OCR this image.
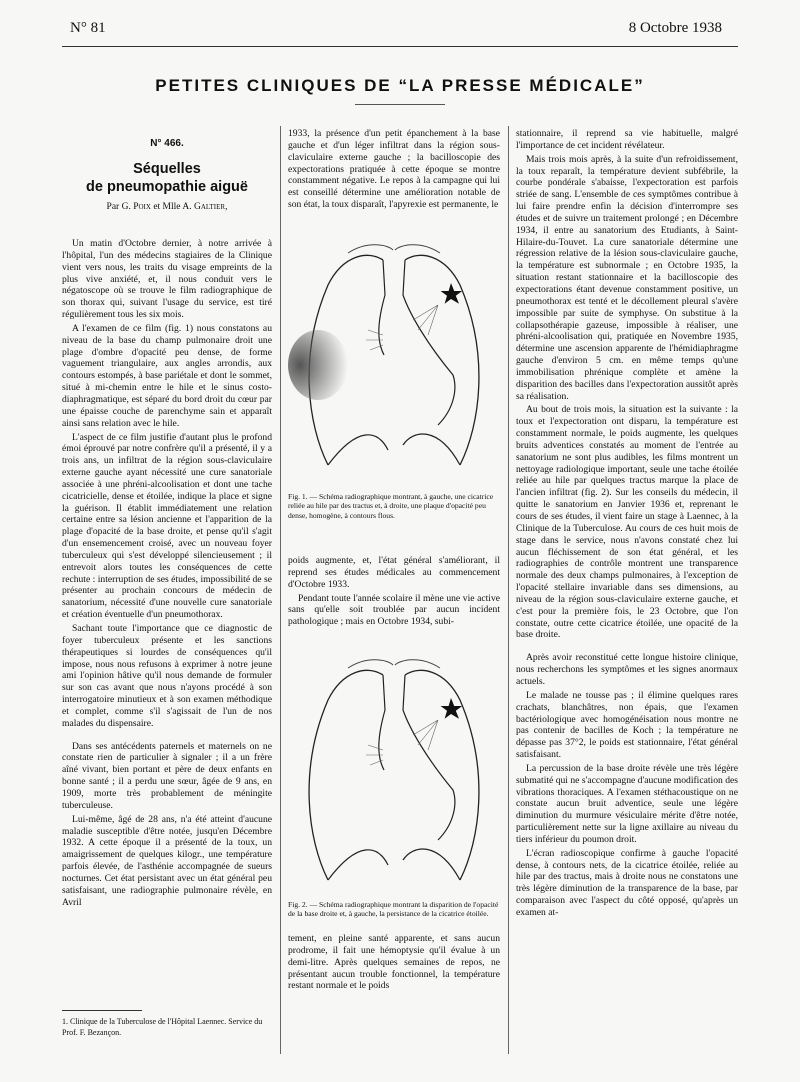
N° 81	8 Octobre 1938
PETITES CLINIQUES DE “LA PRESSE MÉDICALE”
N° 466.
Séquelles
de pneumopathie aiguë
Par G. Poix et Mlle A. Galtier,

Un matin d'Octobre dernier, à notre arrivée à l'hôpital, l'un des médecins stagiaires de la Clinique vient vers nous, les traits du visage empreints de la plus vive anxiété, et, il nous conduit vers le négatoscope où se trouve le film radiographique de son thorax qui, suivant l'usage du service, est tiré régulièrement tous les six mois.

A l'examen de ce film (fig. 1) nous constatons au niveau de la base du champ pulmonaire droit une plage d'ombre d'opacité peu dense, de forme vaguement triangulaire, aux angles arrondis, aux contours estompés, à base pariétale et dont le sommet, situé à mi-chemin entre le hile et le sinus costo-diaphragmatique, est séparé du bord droit du cœur par une épaisse couche de parenchyme sain et apparaît ainsi sans relation avec le hile.

L'aspect de ce film justifie d'autant plus le profond émoi éprouvé par notre confrère qu'il a présenté, il y a trois ans, un infiltrat de la région sous-claviculaire externe gauche ayant nécessité une cure sanatoriale associée à une phréni-alcoolisation et dont une tache cicatricielle, dense et étoilée, indique la place et signe la guérison. Il établit immédiatement une relation certaine entre sa lésion ancienne et l'apparition de la plage d'opacité de la base droite, et pense qu'il s'agit d'un ensemencement croisé, avec un nouveau foyer tuberculeux qui s'est développé silencieusement ; il entrevoit alors toutes les conséquences de cette rechute : interruption de ses études, impossibilité de se présenter au prochain concours de médecin de sanatorium, nécessité d'une nouvelle cure sanatoriale et création éventuelle d'un pneumothorax.

Sachant toute l'importance que ce diagnostic de foyer tuberculeux présente et les sanctions thérapeutiques si lourdes de conséquences qu'il impose, nous nous refusons à exprimer à notre jeune ami l'opinion hâtive qu'il nous demande de formuler sur son cas avant que nous n'ayons procédé à son interrogatoire minutieux et à son examen méthodique et complet, comme s'il s'agissait de l'un de nos malades du dispensaire.

Dans ses antécédents paternels et maternels on ne constate rien de particulier à signaler ; il a un frère aîné vivant, bien portant et père de deux enfants en bonne santé ; il a perdu une sœur, âgée de 9 ans, en 1909, morte très probablement de méningite tuberculeuse.

Lui-même, âgé de 28 ans, n'a été atteint d'aucune maladie susceptible d'être notée, jusqu'en Décembre 1932. A cette époque il a présenté de la toux, un amaigrissement de quelques kilogr., une température parfois élevée, de l'asthénie accompagnée de sueurs nocturnes. Cet état persistant avec un état général peu satisfaisant, une radiographie pulmonaire révèle, en Avril

1. Clinique de la Tuberculose de l'Hôpital Laennec. Service du Prof. F. Bezançon.

1933, la présence d'un petit épanchement à la base gauche et d'un léger infiltrat dans la région sous-claviculaire externe gauche ; la bacilloscopie des expectorations pratiquée à cette époque se montre constamment négative. Le repos à la campagne qui lui est conseillé détermine une amélioration notable de son état, la toux disparaît, l'apyrexie est permanente, le

Fig. 1. — Schéma radiographique montrant, à gauche, une cicatrice reliée au hile par des tractus et, à droite, une plaque d'opacité peu dense, homogène, à contours flous.

poids augmente, et, l'état général s'améliorant, il reprend ses études médicales au commencement d'Octobre 1933.

Pendant toute l'année scolaire il mène une vie active sans qu'elle soit troublée par aucun incident pathologique ; mais en Octobre 1934, subi-

Fig. 2. — Schéma radiographique montrant la disparition de l'opacité de la base droite et, à gauche, la persistance de la cicatrice étoilée.

tement, en pleine santé apparente, et sans aucun prodrome, il fait une hémoptysie qu'il évalue à un demi-litre. Après quelques semaines de repos, ne présentant aucun trouble fonctionnel, la température restant normale et le poids

stationnaire, il reprend sa vie habituelle, malgré l'importance de cet incident révélateur.

Mais trois mois après, à la suite d'un refroidissement, la toux reparaît, la température devient subfébrile, la courbe pondérale s'abaisse, l'expectoration est parfois striée de sang. L'ensemble de ces symptômes contribue à lui faire prendre enfin la décision d'interrompre ses études et de suivre un traitement prolongé ; en Décembre 1934, il entre au sanatorium des Etudiants, à Saint-Hilaire-du-Touvet. La cure sanatoriale détermine une régression relative de la lésion sous-claviculaire gauche, la température est subnormale ; en Octobre 1935, la situation restant stationnaire et la bacilloscopie des expectorations étant devenue constamment positive, un pneumothorax est tenté et le décollement pleural s'avère impossible par suite de symphyse. On substitue à la collapsothérapie gazeuse, impossible à réaliser, une phréni-alcoolisation qui, pratiquée en Novembre 1935, détermine une ascension apparente de l'hémidiaphragme gauche d'environ 5 cm. en même temps qu'une immobilisation phrénique complète et amène la disparition des bacilles dans l'expectoration aussitôt après sa réalisation.

Au bout de trois mois, la situation est la suivante : la toux et l'expectoration ont disparu, la température est constamment normale, le poids augmente, les quelques bruits adventices constatés au moment de l'entrée au sanatorium ne sont plus audibles, les films montrent un nettoyage radiologique important, seule une tache étoilée reliée au hile par quelques tractus marque la place de l'ancien infiltrat (fig. 2). Sur les conseils du médecin, il quitte le sanatorium en Janvier 1936 et, reprenant le cours de ses études, il vient faire un stage à Laennec, à la Clinique de la Tuberculose. Au cours de ces huit mois de stage dans le service, nous n'avons constaté chez lui aucun fléchissement de son état général, et les radiographies de contrôle montrent une transparence normale des deux champs pulmonaires, à l'exception de l'opacité stellaire invariable dans ses dimensions, au niveau de la région sous-claviculaire externe gauche, et c'est pour la première fois, le 23 Octobre, que l'on constate, outre cette cicatrice étoilée, une opacité de la base droite.

Après avoir reconstitué cette longue histoire clinique, nous recherchons les symptômes et les signes anormaux actuels.

Le malade ne tousse pas ; il élimine quelques rares crachats, blanchâtres, non épais, que l'examen bactériologique avec homogénéisation nous montre ne pas contenir de bacilles de Koch ; la température ne dépasse pas 37°2, le poids est stationnaire, l'état général satisfaisant.

La percussion de la base droite révèle une très légère submatité qui ne s'accompagne d'aucune modification des vibrations thoraciques. A l'examen stéthacoustique on ne constate aucun bruit adventice, seule une légère diminution du murmure vésiculaire mérite d'être notée, particulièrement nette sur la ligne axillaire au niveau du tiers inférieur du poumon droit.

L'écran radioscopique confirme à gauche l'opacité dense, à contours nets, de la cicatrice étoilée, reliée au hile par des tractus, mais à droite nous ne constatons une très légère diminution de la transparence de la base, par comparaison avec l'aspect du côté opposé, qu'après un examen at-
